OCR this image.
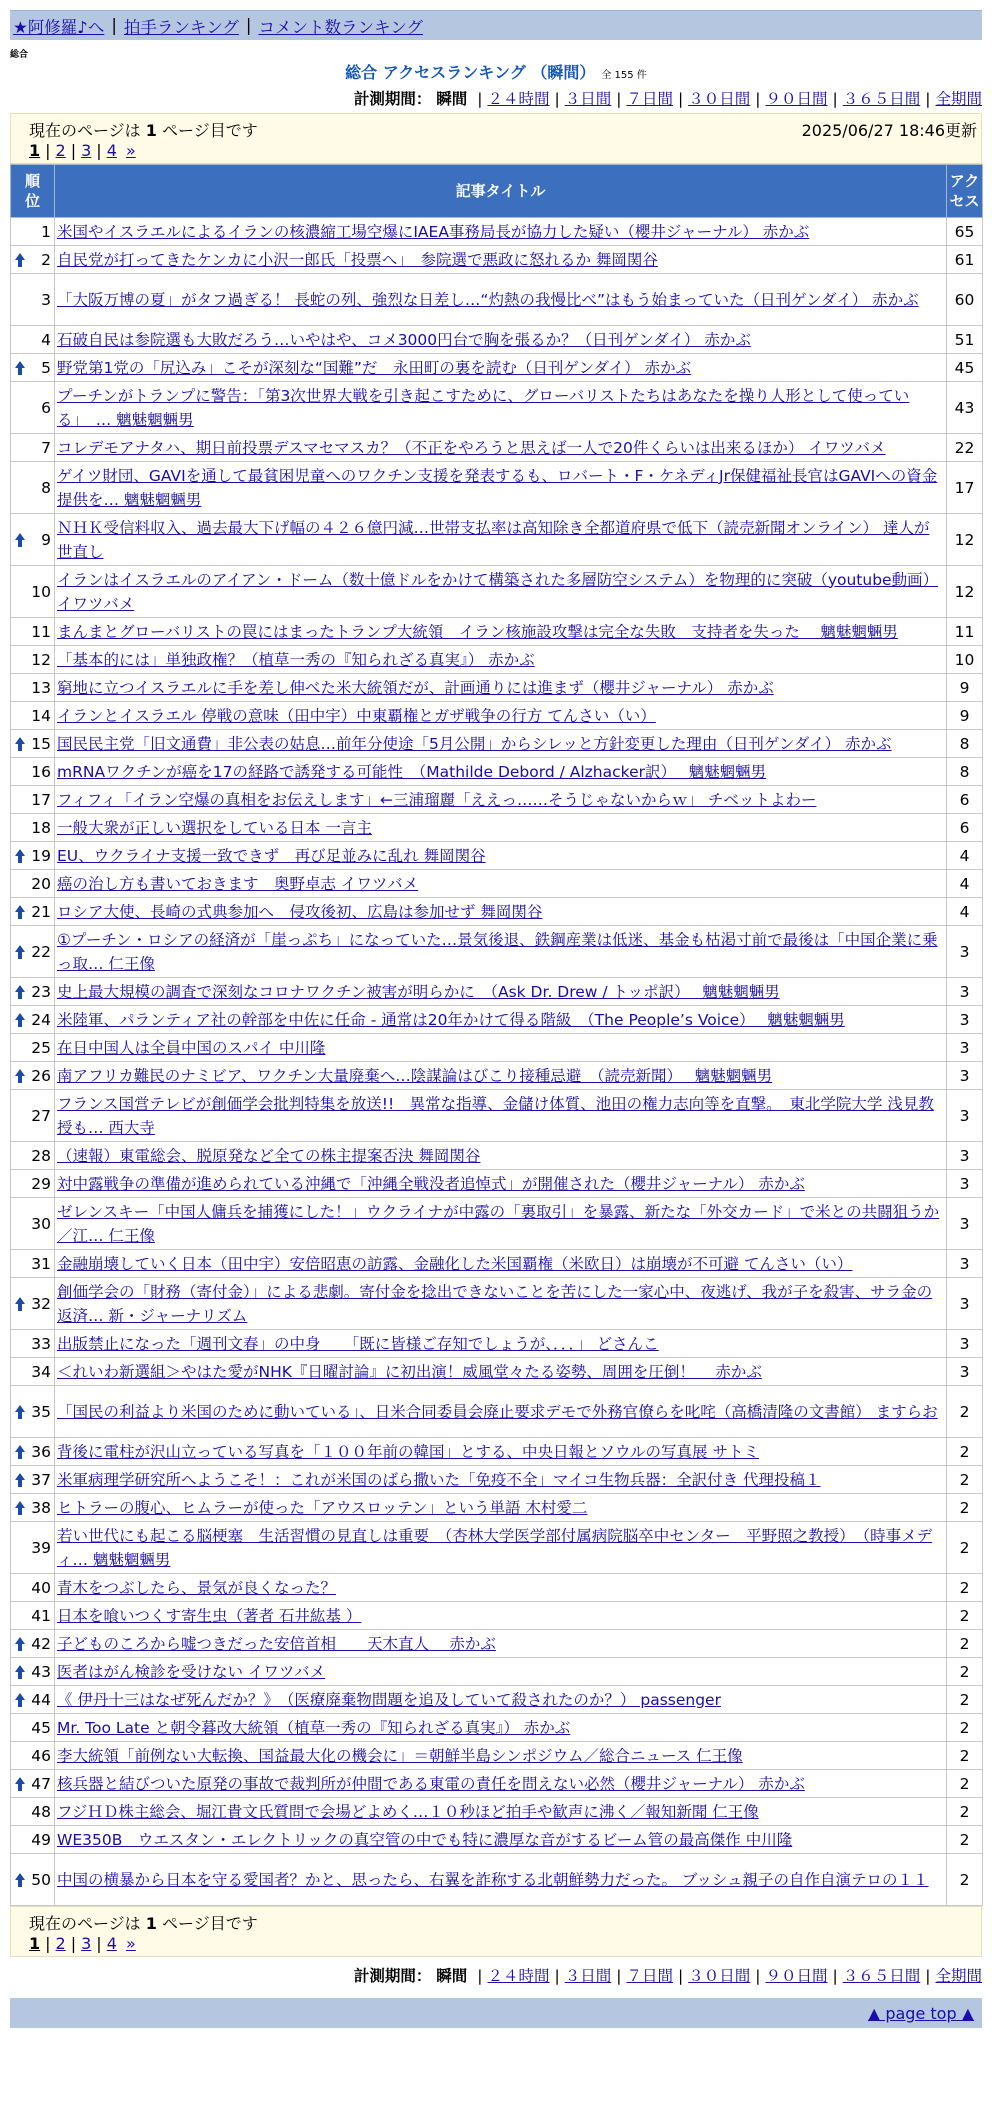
★阿修羅♪へ | 拍手ランキング | コメント数ランキング
総合
総合 アクセスランキング （瞬間） 全 155 件
計測期間： 瞬間 | ２４時間 | ３日間 | ７日間 | ３０日間 | ９０日間 | ３６５日間 | 全期間
現在のページは 1 ページ目です	2025/06/27 18:46更新
1 | 2 | 3 | 4 »
順位	記事タイトル	アクセス
1	米国やイスラエルによるイランの核濃縮工場空爆にIAEA事務局長が協力した疑い（櫻井ジャーナル） 赤かぶ	65

2	自民党が打ってきたケンカに小沢一郎氏「投票へ」　参院選で悪政に怒れるか 舞岡関谷	61
3	「大阪万博の夏」がタフ過ぎる！ 長蛇の列、強烈な日差し…“灼熱の我慢比べ”はもう始まっていた（日刊ゲンダイ） 赤かぶ	60
4	石破自民は参院選も大敗だろう…いやはや、コメ3000円台で胸を張るか？（日刊ゲンダイ） 赤かぶ	51

5	野党第1党の「尻込み」こそが深刻な“国難”だ　永田町の裏を読む（日刊ゲンダイ） 赤かぶ	45
6	プーチンがトランプに警告：「第3次世界大戦を引き起こすために、グローバリストたちはあなたを操り人形として使っている」　… 魑魅魍魎男	43
7	コレデモアナタハ、期日前投票デスマセマスカ？（不正をやろうと思えば一人で20件くらいは出来るほか） イワツバメ	22
8	ゲイツ財団、GAVIを通して最貧困児童へのワクチン支援を発表するも、ロバート・F・ケネディJr保健福祉長官はGAVIへの資金提供を… 魑魅魍魎男	17

9	ＮＨＫ受信料収入、過去最大下げ幅の４２６億円減…世帯支払率は高知除き全都道府県で低下（読売新聞オンライン） 達人が世直し	12
10	イランはイスラエルのアイアン・ドーム（数十億ドルをかけて構築された多層防空システム）を物理的に突破（youtube動画） イワツバメ	12
11	まんまとグローバリストの罠にはまったトランプ大統領　イラン核施設攻撃は完全な失敗　支持者を失った　 魑魅魍魎男	11
12	「基本的には」単独政権？（植草一秀の『知られざる真実』） 赤かぶ	10
13	窮地に立つイスラエルに手を差し伸べた米大統領だが、計画通りには進まず（櫻井ジャーナル） 赤かぶ	9
14	イランとイスラエル 停戦の意味（田中宇）中東覇権とガザ戦争の行方 てんさい（い）	9

15	国民民主党「旧文通費」非公表の姑息…前年分使途「5月公開」からシレッと方針変更した理由（日刊ゲンダイ） 赤かぶ	8
16	mRNAワクチンが癌を17の経路で誘発する可能性　（Mathilde Debord / Alzhacker訳）　 魑魅魍魎男	8
17	フィフィ「イラン空爆の真相をお伝えします」←三浦瑠麗「ええっ……そうじゃないからｗ」 チベットよわー	6
18	一般大衆が正しい選択をしている日本 一言主	6

19	EU、ウクライナ支援一致できず　再び足並みに乱れ 舞岡関谷	4
20	癌の治し方も書いておきます　奥野卓志 イワツバメ	4

21	ロシア大使、長崎の式典参加へ　侵攻後初、広島は参加せず 舞岡関谷	4

22	①プーチン・ロシアの経済が「崖っぷち」になっていた…景気後退、鉄鋼産業は低迷、基金も枯渇寸前で最後は「中国企業に乗っ取… 仁王像	3

23	史上最大規模の調査で深刻なコロナワクチン被害が明らかに　（Ask Dr. Drew / トッポ訳）　 魑魅魍魎男	3

24	米陸軍、パランティア社の幹部を中佐に任命 - 通常は20年かけて得る階級　（The People’s Voice）　 魑魅魍魎男	3
25	在日中国人は全員中国のスパイ 中川隆	3

26	南アフリカ難民のナミビア、ワクチン大量廃棄へ…陰謀論はびこり接種忌避　（読売新聞）　 魑魅魍魎男	3
27	フランス国営テレビが創価学会批判特集を放送!!　異常な指導、金儲け体質、池田の権力志向等を直撃。　東北学院大学 浅見教授も… 西大寺	3
28	（速報）東電総会、脱原発など全ての株主提案否決 舞岡関谷	3
29	対中露戦争の準備が進められている沖縄で「沖縄全戦没者追悼式」が開催された（櫻井ジャーナル） 赤かぶ	3
30	ゼレンスキー「中国人傭兵を捕獲にした！」ウクライナが中露の「裏取引」を暴露、新たな「外交カード」で米との共闘狙うか／江… 仁王像	3
31	金融崩壊していく日本（田中宇）安倍昭恵の訪露、金融化した米国覇権（米欧日）は崩壊が不可避 てんさい（い）	3

32	創価学会の「財務（寄付金）」による悲劇。寄付金を捻出できないことを苦にした一家心中、夜逃げ、我が子を殺害、サラ金の返済… 新・ジャーナリズム	3
33	出版禁止になった「週刊文春」の中身　　「既に皆様ご存知でしょうが、．．．」 どさんこ	3
34	＜れいわ新選組＞やはた愛がNHK『日曜討論』に初出演！威風堂々たる姿勢、周囲を圧倒！　 赤かぶ	3

35	「国民の利益より米国のために動いている」、日米合同委員会廃止要求デモで外務官僚らを叱咤（高橋清隆の文書館） ますらお	2

36	背後に電柱が沢山立っている写真を「１００年前の韓国」とする、中央日報とソウルの写真展 サトミ	2

37	米軍病理学研究所へようこそ！：これが米国のばら撒いた「免疫不全」マイコ生物兵器：全訳付き 代理投稿１	2

38	ヒトラーの腹心、ヒムラーが使った「アウスロッテン」という単語 木村愛二	2
39	若い世代にも起こる脳梗塞　生活習慣の見直しは重要　（杏林大学医学部付属病院脳卒中センター　平野照之教授）　（時事メディ… 魑魅魍魎男	2
40	青木をつぶしたら、景気が良くなった？	2
41	日本を喰いつくす寄生虫（著者 石井紘基 ）	2

42	子どものころから嘘つきだった安倍首相　　天木直人　 赤かぶ	2

43	医者はがん検診を受けない イワツバメ	2

44	《 伊丹十三はなぜ死んだか？》　（医療廃棄物問題を追及していて殺されたのか？） passenger	2
45	Mr. Too Late と朝令暮改大統領（植草一秀の『知られざる真実』） 赤かぶ	2
46	李大統領「前例ない大転換、国益最大化の機会に」＝朝鮮半島シンポジウム／総合ニュース 仁王像	2

47	核兵器と結びついた原発の事故で裁判所が仲間である東電の責任を問えない必然（櫻井ジャーナル） 赤かぶ	2
48	フジＨＤ株主総会、堀江貴文氏質問で会場どよめく…１０秒ほど拍手や歓声に沸く／報知新聞 仁王像	2
49	WE350B　ウエスタン・エレクトリックの真空管の中でも特に濃厚な音がするビーム管の最高傑作 中川隆	2

50	中国の横暴から日本を守る愛国者？かと、思ったら、右翼を詐称する北朝鮮勢力だった。 ブッシュ親子の自作自演テロの１１	2
現在のページは 1 ページ目です
1 | 2 | 3 | 4 »
計測期間： 瞬間 | ２４時間 | ３日間 | ７日間 | ３０日間 | ９０日間 | ３６５日間 | 全期間
▲ page top ▲
